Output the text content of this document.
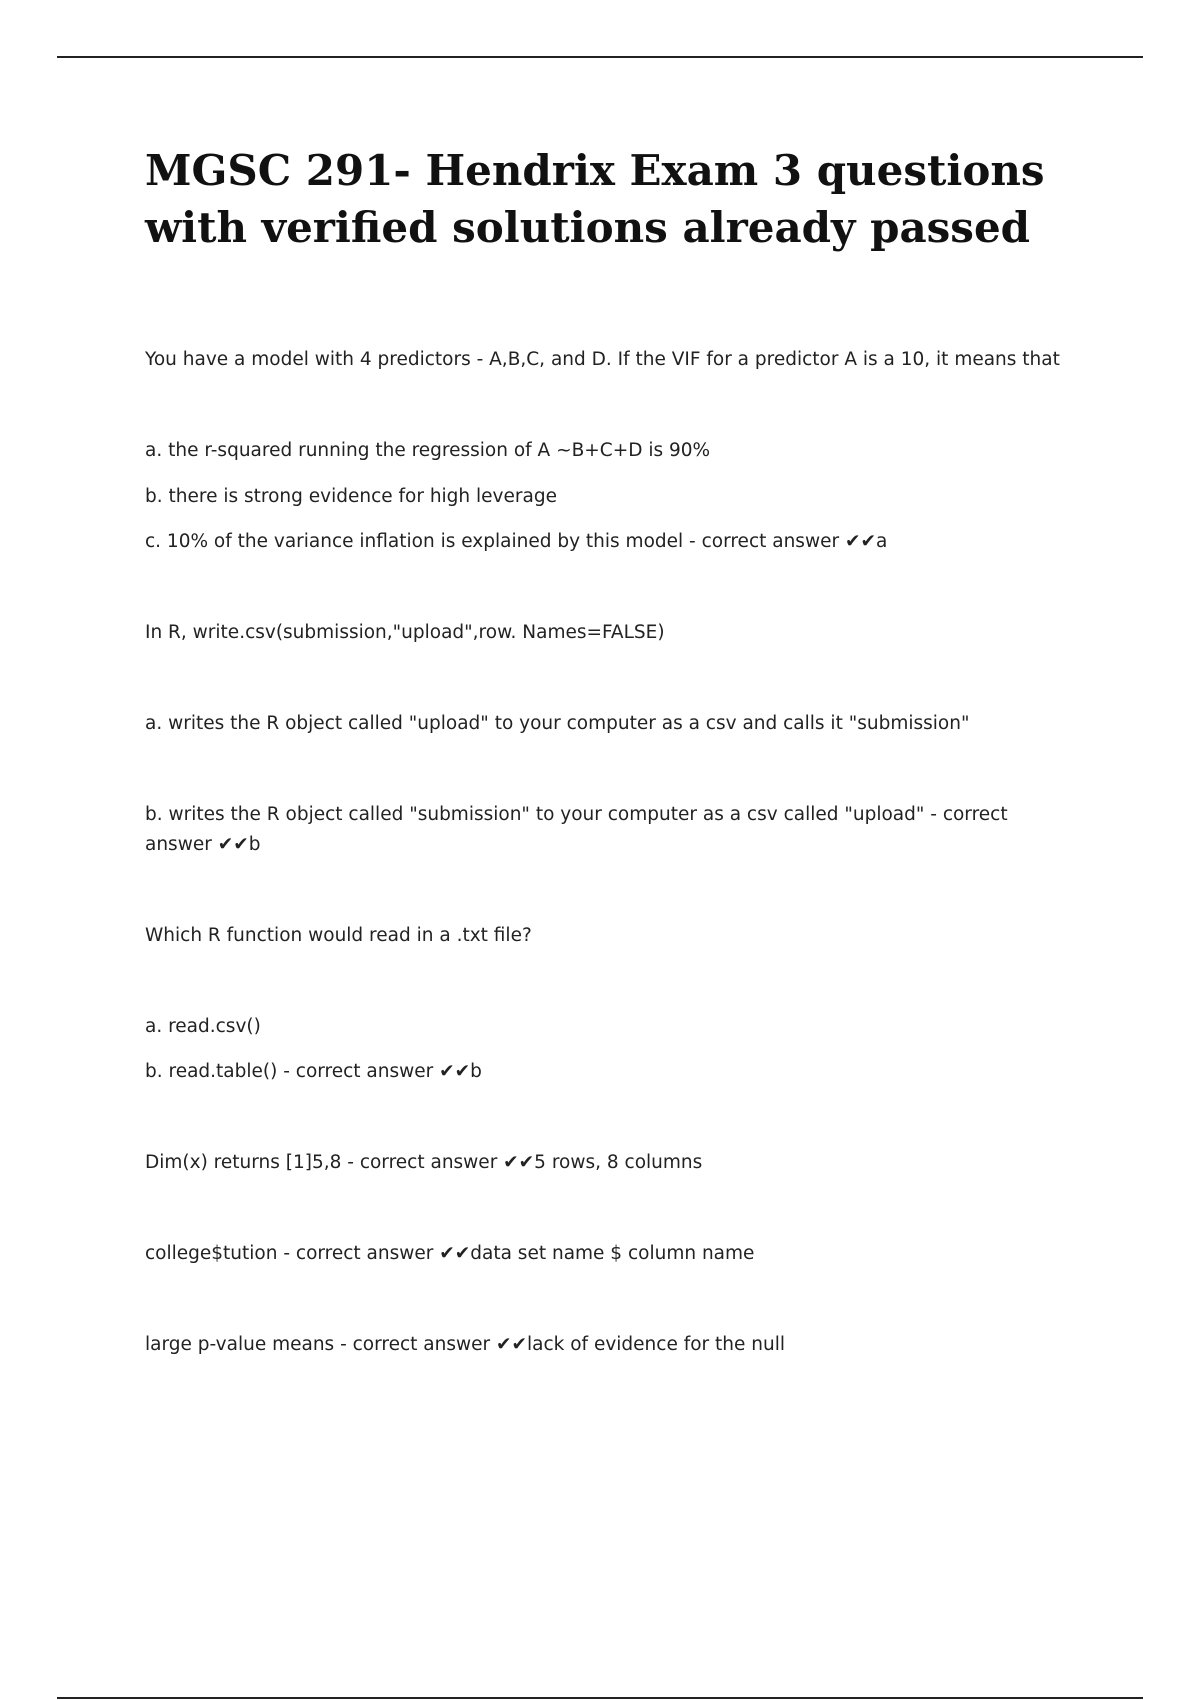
MGSC 291- Hendrix Exam 3 questions with verified solutions already passed

You have a model with 4 predictors - A,B,C, and D. If the VIF for a predictor A is a 10, it means that

a. the r-squared running the regression of A ~B+C+D is 90%

b. there is strong evidence for high leverage

c. 10% of the variance inflation is explained by this model - correct answer ✔✔a

In R, write.csv(submission,"upload",row. Names=FALSE)

a. writes the R object called "upload" to your computer as a csv and calls it "submission"

b. writes the R object called "submission" to your computer as a csv called "upload" - correct answer ✔✔b

Which R function would read in a .txt file?

a. read.csv()

b. read.table() - correct answer ✔✔b

Dim(x) returns [1]5,8 - correct answer ✔✔5 rows, 8 columns

college$tution - correct answer ✔✔data set name $ column name

large p-value means - correct answer ✔✔lack of evidence for the null
